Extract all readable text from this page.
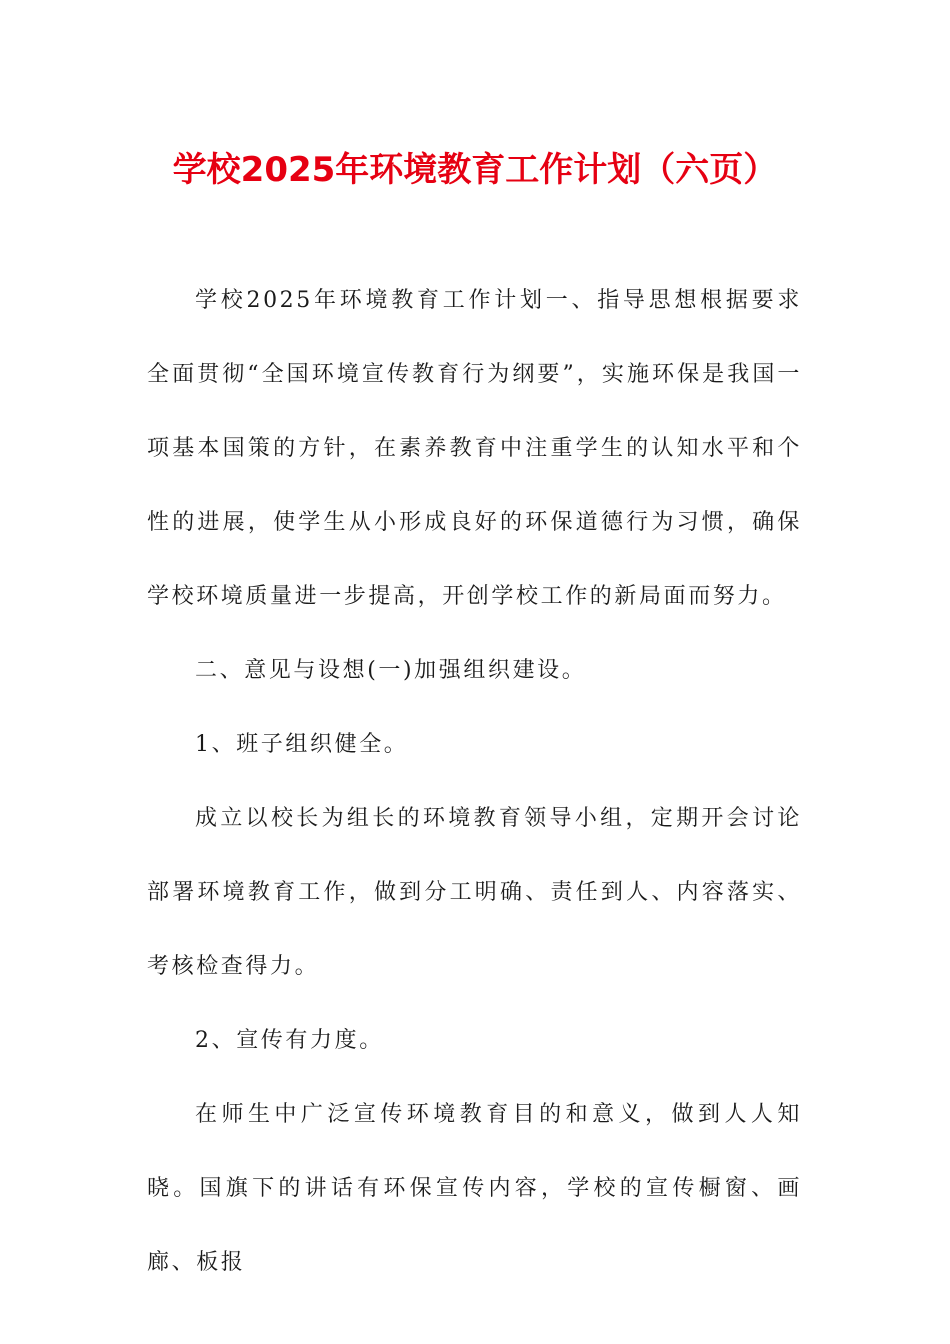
学校2025年环境教育工作计划（六页）

学校2025年环境教育工作计划一、指导思想根据要求全面贯彻“全国环境宣传教育行为纲要”，实施环保是我国一项基本国策的方针，在素养教育中注重学生的认知水平和个性的进展，使学生从小形成良好的环保道德行为习惯，确保学校环境质量进一步提高，开创学校工作的新局面而努力。

二、意见与设想(一)加强组织建设。

1、班子组织健全。

成立以校长为组长的环境教育领导小组，定期开会讨论部署环境教育工作，做到分工明确、责任到人、内容落实、考核检查得力。

2、宣传有力度。

在师生中广泛宣传环境教育目的和意义，做到人人知晓。国旗下的讲话有环保宣传内容，学校的宣传橱窗、画廊、板报
